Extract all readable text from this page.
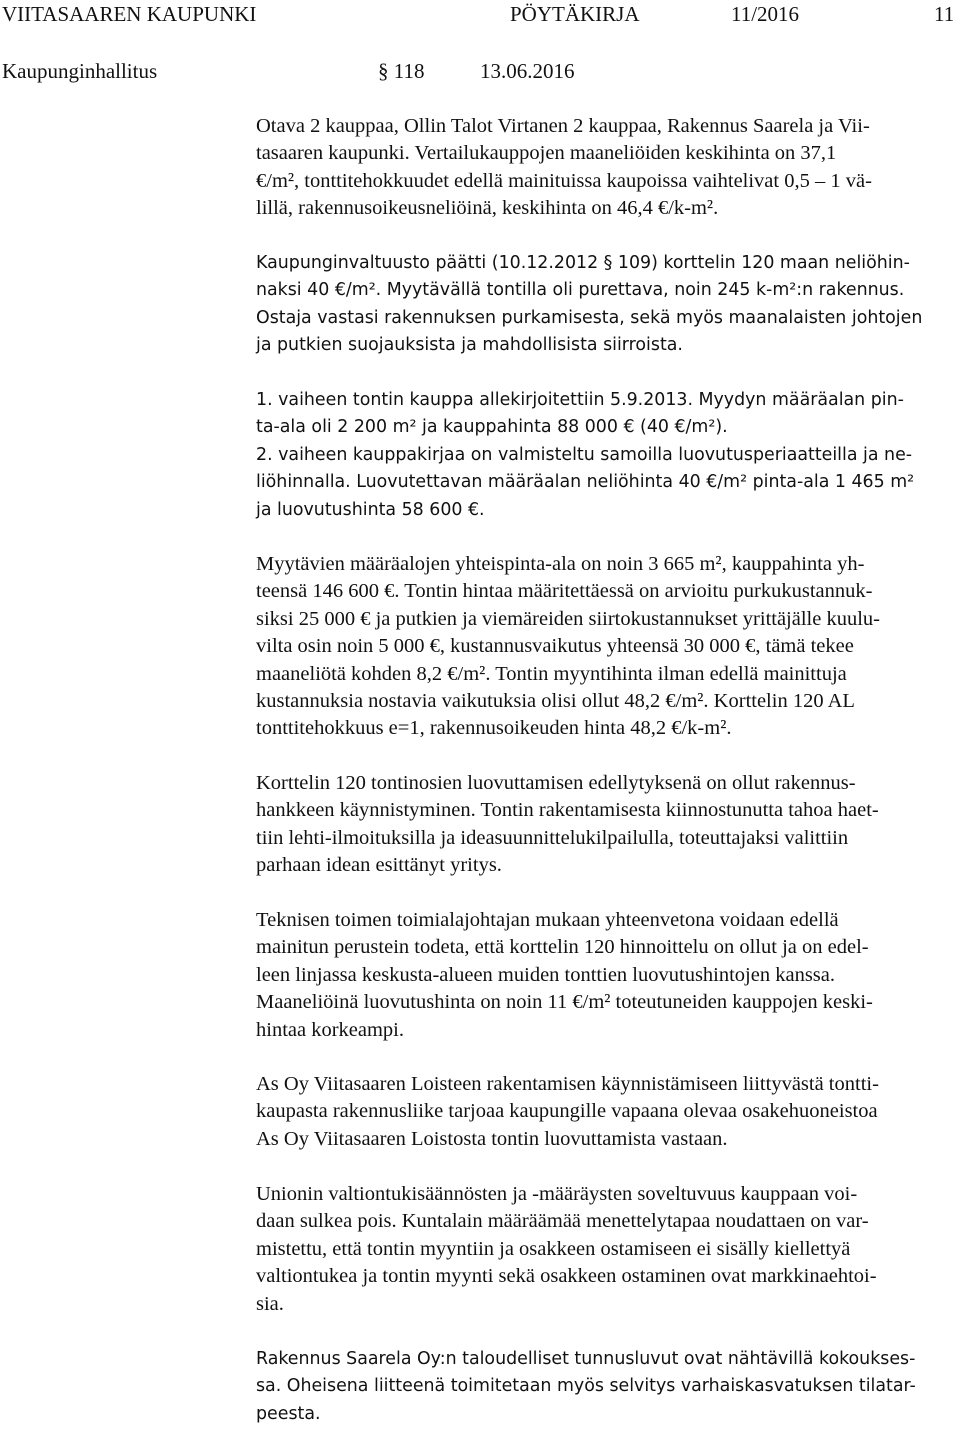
VIITASAAREN KAUPUNKI	PÖYTÄKIRJA	11/2016	11
Kaupunginhallitus	§ 118	13.06.2016
Otava 2 kauppaa, Ollin Talot Virtanen 2 kauppaa, Rakennus Saarela ja Vii-
tasaaren kaupunki. Vertailukauppojen maaneliöiden keskihinta on 37,1
€/m², tonttitehokkuudet edellä mainituissa kaupoissa vaihtelivat 0,5 – 1 vä-
lillä, rakennusoikeusneliöinä, keskihinta on 46,4 €/k-m².
Kaupunginvaltuusto päätti (10.12.2012 § 109) korttelin 120 maan neliöhin-
naksi 40 €/m². Myytävällä tontilla oli purettava, noin 245 k-m²:n rakennus.
Ostaja vastasi rakennuksen purkamisesta, sekä myös maanalaisten johtojen
ja putkien suojauksista ja mahdollisista siirroista.
1. vaiheen tontin kauppa allekirjoitettiin 5.9.2013. Myydyn määräalan pin-
ta-ala oli 2 200 m² ja kauppahinta 88 000 € (40 €/m²).
2. vaiheen kauppakirjaa on valmisteltu samoilla luovutusperiaatteilla ja ne-
liöhinnalla. Luovutettavan määräalan neliöhinta 40 €/m² pinta-ala 1 465 m²
ja luovutushinta 58 600 €.
Myytävien määräalojen yhteispinta-ala on noin 3 665 m², kauppahinta yh-
teensä 146 600 €. Tontin hintaa määritettäessä on arvioitu purkukustannuk-
siksi 25 000 € ja putkien ja viemäreiden siirtokustannukset yrittäjälle kuulu-
vilta osin noin 5 000 €, kustannusvaikutus yhteensä 30 000 €, tämä tekee
maaneliötä kohden 8,2 €/m². Tontin myyntihinta ilman edellä mainittuja
kustannuksia nostavia vaikutuksia olisi ollut 48,2 €/m². Korttelin 120 AL
tonttitehokkuus e=1, rakennusoikeuden hinta 48,2 €/k-m².
Korttelin 120 tontinosien luovuttamisen edellytyksenä on ollut rakennus-
hankkeen käynnistyminen. Tontin rakentamisesta kiinnostunutta tahoa haet-
tiin lehti-ilmoituksilla ja ideasuunnittelukilpailulla, toteuttajaksi valittiin
parhaan idean esittänyt yritys.
Teknisen toimen toimialajohtajan mukaan yhteenvetona voidaan edellä
mainitun perustein todeta, että korttelin 120 hinnoittelu on ollut ja on edel-
leen linjassa keskusta-alueen muiden tonttien luovutushintojen kanssa.
Maaneliöinä luovutushinta on noin 11 €/m² toteutuneiden kauppojen keski-
hintaa korkeampi.
As Oy Viitasaaren Loisteen rakentamisen käynnistämiseen liittyvästä tontti-
kaupasta rakennusliike tarjoaa kaupungille vapaana olevaa osakehuoneistoa
As Oy Viitasaaren Loistosta tontin luovuttamista vastaan.
Unionin valtiontukisäännösten ja -määräysten soveltuvuus kauppaan voi-
daan sulkea pois. Kuntalain määräämää menettelytapaa noudattaen on var-
mistettu, että tontin myyntiin ja osakkeen ostamiseen ei sisälly kiellettyä
valtiontukea ja tontin myynti sekä osakkeen ostaminen ovat markkinaehtoi-
sia.
Rakennus Saarela Oy:n taloudelliset tunnusluvut ovat nähtävillä kokoukses-
sa. Oheisena liitteenä toimitetaan myös selvitys varhaiskasvatuksen tilatar-
peesta.
